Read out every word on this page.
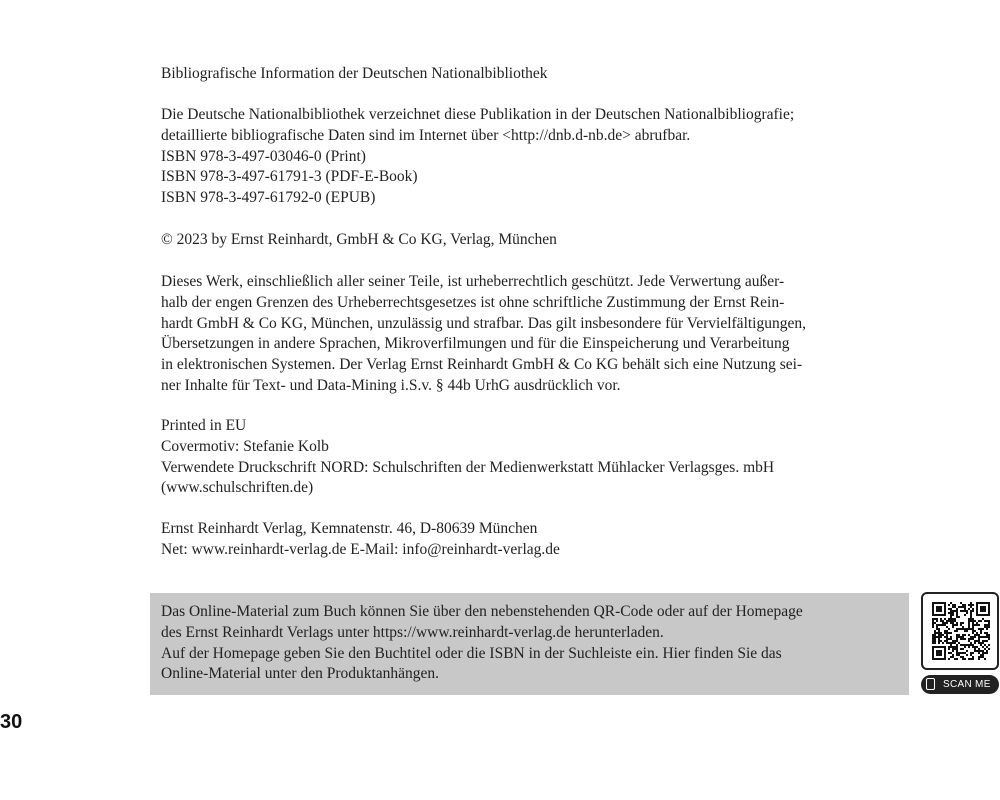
Bibliografische Information der Deutschen Nationalbibliothek

Die Deutsche Nationalbibliothek verzeichnet diese Publikation in der Deutschen Nationalbibliografie;

detaillierte bibliografische Daten sind im Internet über <http://dnb.d-nb.de> abrufbar.

ISBN 978-3-497-03046-0 (Print)

ISBN 978-3-497-61791-3 (PDF-E-Book)

ISBN 978-3-497-61792-0 (EPUB)

© 2023 by Ernst Reinhardt, GmbH & Co KG, Verlag, München

Dieses Werk, einschließlich aller seiner Teile, ist urheberrechtlich geschützt. Jede Verwertung außer-

halb der engen Grenzen des Urheberrechtsgesetzes ist ohne schriftliche Zustimmung der Ernst Rein-

hardt GmbH & Co KG, München, unzulässig und strafbar. Das gilt insbesondere für Vervielfältigungen,

Übersetzungen in andere Sprachen, Mikroverfilmungen und für die Einspeicherung und Verarbeitung

in elektronischen Systemen. Der Verlag Ernst Reinhardt GmbH & Co KG behält sich eine Nutzung sei-

ner Inhalte für Text- und Data-Mining i.S.v. § 44b UrhG ausdrücklich vor.

Printed in EU

Covermotiv: Stefanie Kolb

Verwendete Druckschrift NORD: Schulschriften der Medienwerkstatt Mühlacker Verlagsges. mbH

(www.schulschriften.de)

Ernst Reinhardt Verlag, Kemnatenstr. 46, D-80639 München

Net: www.reinhardt-verlag.de E-Mail: info@reinhardt-verlag.de

Das Online-Material zum Buch können Sie über den nebenstehenden QR-Code oder auf der Homepage

des Ernst Reinhardt Verlags unter https://www.reinhardt-verlag.de herunterladen.

Auf der Homepage geben Sie den Buchtitel oder die ISBN in der Suchleiste ein. Hier finden Sie das

Online-Material unter den Produktanhängen.

SCAN ME
30
